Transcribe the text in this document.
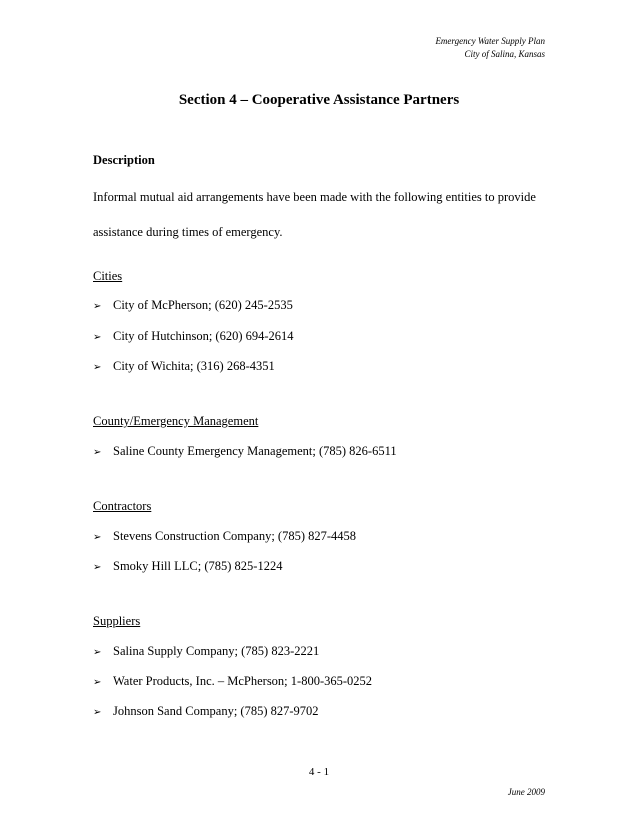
Emergency Water Supply Plan
City of Salina, Kansas
Section 4 – Cooperative Assistance Partners
Description
Informal mutual aid arrangements have been made with the following entities to provide assistance during times of emergency.
Cities
➢ City of McPherson; (620) 245-2535
➢ City of Hutchinson; (620) 694-2614
➢ City of Wichita; (316) 268-4351
County/Emergency Management
➢ Saline County Emergency Management; (785) 826-6511
Contractors
➢ Stevens Construction Company; (785) 827-4458
➢ Smoky Hill LLC; (785) 825-1224
Suppliers
➢ Salina Supply Company; (785) 823-2221
➢ Water Products, Inc. – McPherson; 1-800-365-0252
➢ Johnson Sand Company; (785) 827-9702
4 - 1
June 2009
